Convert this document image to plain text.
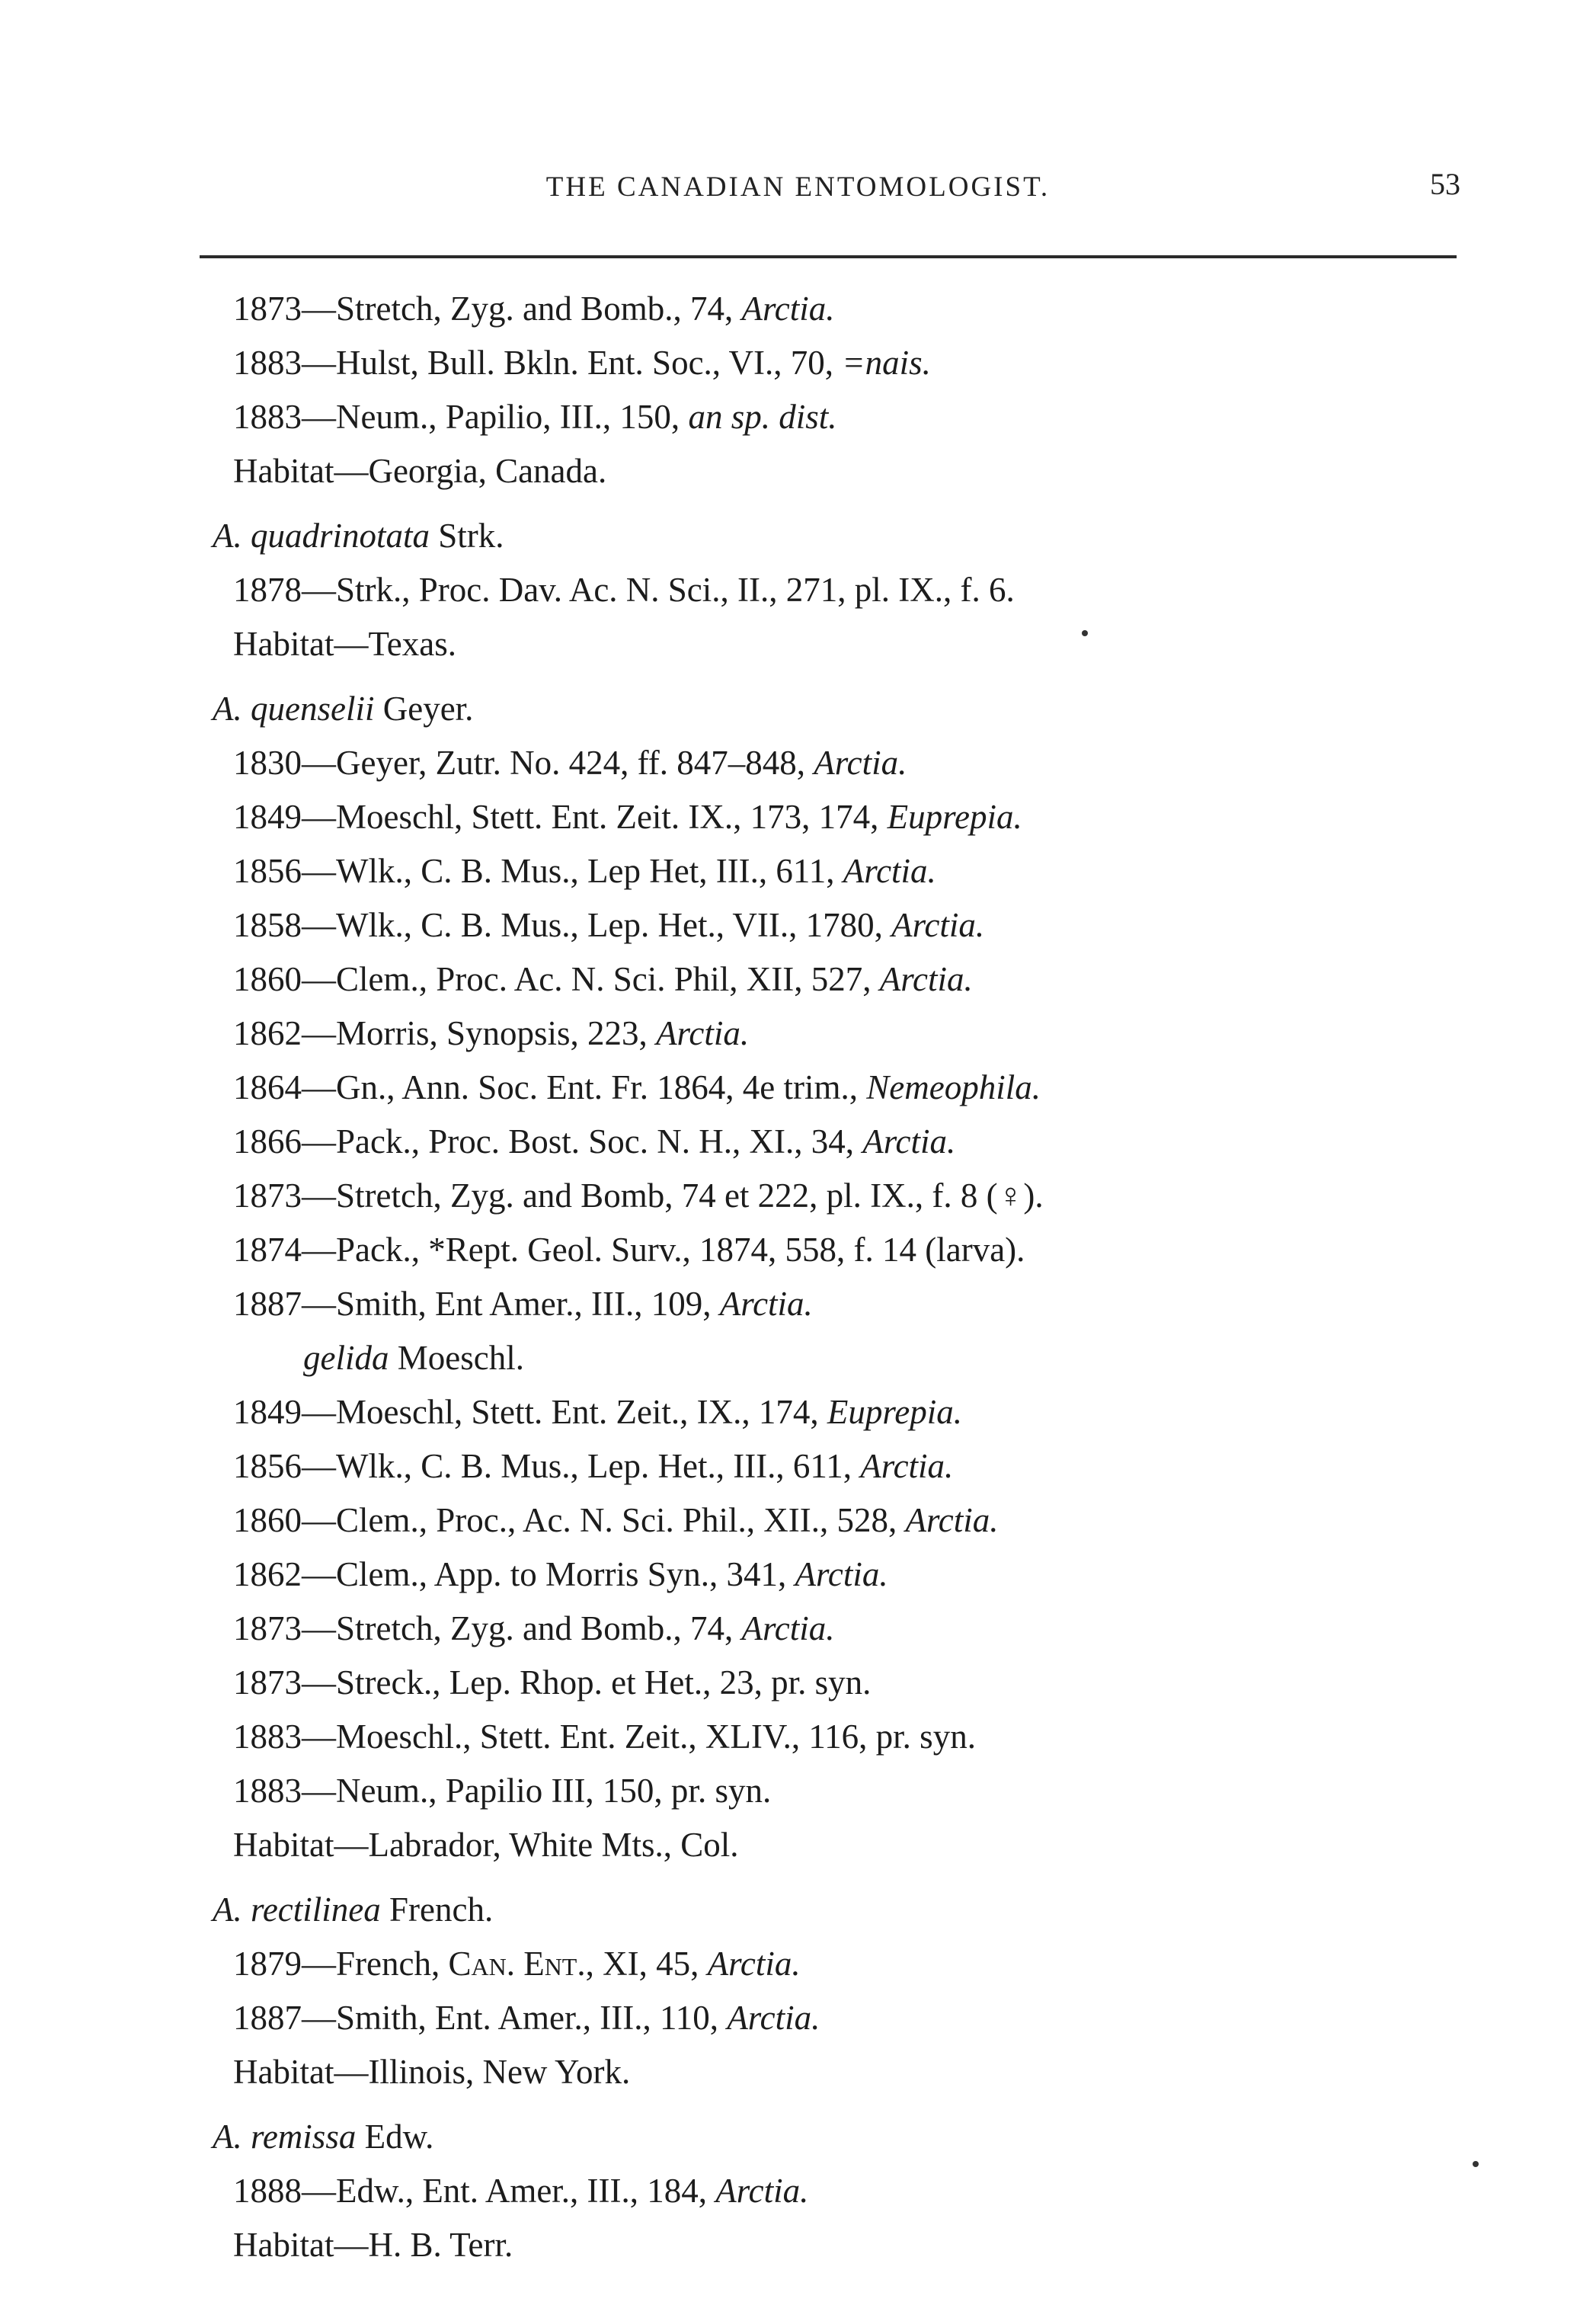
THE CANADIAN ENTOMOLOGIST.	53
1873—Stretch, Zyg. and Bomb., 74, Arctia.
1883—Hulst, Bull. Bkln. Ent. Soc., VI., 70, =nais.
1883—Neum., Papilio, III., 150, an sp. dist.
Habitat—Georgia, Canada.
A. quadrinotata Strk.
1878—Strk., Proc. Dav. Ac. N. Sci., II., 271, pl. IX., f. 6.
Habitat—Texas.
A. quenselii Geyer.
1830—Geyer, Zutr. No. 424, ff. 847–848, Arctia.
1849—Moeschl, Stett. Ent. Zeit. IX., 173, 174, Euprepia.
1856—Wlk., C. B. Mus., Lep Het, III., 611, Arctia.
1858—Wlk., C. B. Mus., Lep. Het., VII., 1780, Arctia.
1860—Clem., Proc. Ac. N. Sci. Phil, XII, 527, Arctia.
1862—Morris, Synopsis, 223, Arctia.
1864—Gn., Ann. Soc. Ent. Fr. 1864, 4e trim., Nemeophila.
1866—Pack., Proc. Bost. Soc. N. H., XI., 34, Arctia.
1873—Stretch, Zyg. and Bomb, 74 et 222, pl. IX., f. 8 (♀).
1874—Pack., *Rept. Geol. Surv., 1874, 558, f. 14 (larva).
1887—Smith, Ent Amer., III., 109, Arctia.
gelida Moeschl.
1849—Moeschl, Stett. Ent. Zeit., IX., 174, Euprepia.
1856—Wlk., C. B. Mus., Lep. Het., III., 611, Arctia.
1860—Clem., Proc., Ac. N. Sci. Phil., XII., 528, Arctia.
1862—Clem., App. to Morris Syn., 341, Arctia.
1873—Stretch, Zyg. and Bomb., 74, Arctia.
1873—Streck., Lep. Rhop. et Het., 23, pr. syn.
1883—Moeschl., Stett. Ent. Zeit., XLIV., 116, pr. syn.
1883—Neum., Papilio III, 150, pr. syn.
Habitat—Labrador, White Mts., Col.
A. rectilinea French.
1879—French, Can. Ent., XI, 45, Arctia.
1887—Smith, Ent. Amer., III., 110, Arctia.
Habitat—Illinois, New York.
A. remissa Edw.
1888—Edw., Ent. Amer., III., 184, Arctia.
Habitat—H. B. Terr.
